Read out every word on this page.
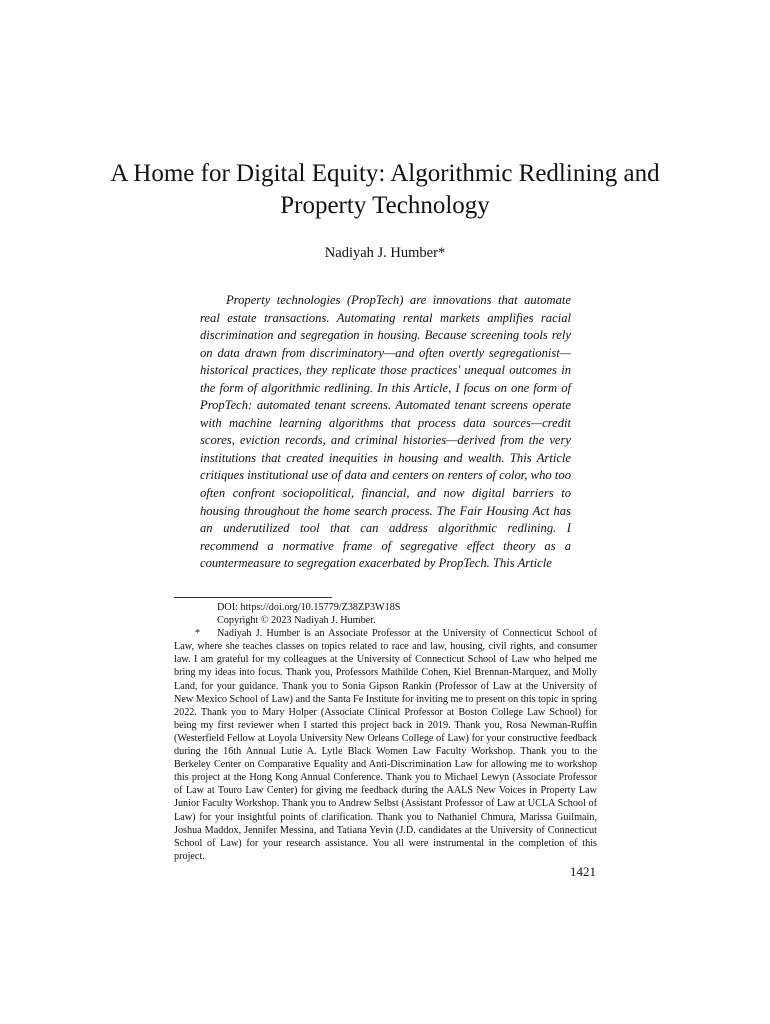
A Home for Digital Equity: Algorithmic Redlining and Property Technology
Nadiyah J. Humber*

Property technologies (PropTech) are innovations that automate real estate transactions. Automating rental markets amplifies racial discrimination and segregation in housing. Because screening tools rely on data drawn from discriminatory—and often overtly segregationist—historical practices, they replicate those practices' unequal outcomes in the form of algorithmic redlining. In this Article, I focus on one form of PropTech: automated tenant screens. Automated tenant screens operate with machine learning algorithms that process data sources—credit scores, eviction records, and criminal histories—derived from the very institutions that created inequities in housing and wealth. This Article critiques institutional use of data and centers on renters of color, who too often confront sociopolitical, financial, and now digital barriers to housing throughout the home search process. The Fair Housing Act has an underutilized tool that can address algorithmic redlining. I recommend a normative frame of segregative effect theory as a countermeasure to segregation exacerbated by PropTech. This Article

DOI: https://doi.org/10.15779/Z38ZP3W18S

Copyright © 2023 Nadiyah J. Humber.

* Nadiyah J. Humber is an Associate Professor at the University of Connecticut School of Law, where she teaches classes on topics related to race and law, housing, civil rights, and consumer law. I am grateful for my colleagues at the University of Connecticut School of Law who helped me bring my ideas into focus. Thank you, Professors Mathilde Cohen, Kiel Brennan-Marquez, and Molly Land, for your guidance. Thank you to Sonia Gipson Rankin (Professor of Law at the University of New Mexico School of Law) and the Santa Fe Institute for inviting me to present on this topic in spring 2022. Thank you to Mary Holper (Associate Clinical Professor at Boston College Law School) for being my first reviewer when I started this project back in 2019. Thank you, Rosa Newman-Ruffin (Westerfield Fellow at Loyola University New Orleans College of Law) for your constructive feedback during the 16th Annual Lutie A. Lytle Black Women Law Faculty Workshop. Thank you to the Berkeley Center on Comparative Equality and Anti-Discrimination Law for allowing me to workshop this project at the Hong Kong Annual Conference. Thank you to Michael Lewyn (Associate Professor of Law at Touro Law Center) for giving me feedback during the AALS New Voices in Property Law Junior Faculty Workshop. Thank you to Andrew Selbst (Assistant Professor of Law at UCLA School of Law) for your insightful points of clarification. Thank you to Nathaniel Chmura, Marissa Guilmain, Joshua Maddox, Jennifer Messina, and Tatiana Yevin (J.D. candidates at the University of Connecticut School of Law) for your research assistance. You all were instrumental in the completion of this project.

1421
